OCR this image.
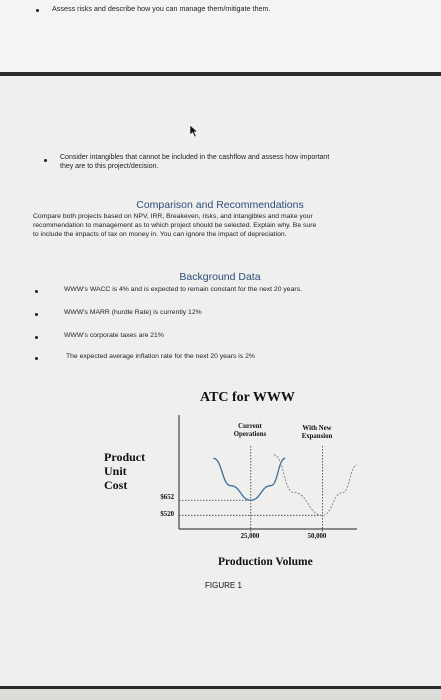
Assess risks and describe how you can manage them/mitigate them.
Consider intangibles that cannot be included in the cashflow and assess how important
they are to this project/decision.
Comparison and Recommendations
Compare both projects based on NPV, IRR, Breakeven, risks, and intangibles and make your
recommendation to management as to which project should be selected. Explain why. Be sure
to include the impacts of tax on money in. You can ignore the impact of depreciation.
Background Data
WWW's WACC is 4% and is expected to remain constant for the next 20 years.
WWW's MARR (hurdle Rate) is currently 12%
WWW's corporate taxes are 21%
The expected average inflation rate for the next 20 years is 2%
ATC for WWW
Product
Unit
Cost
Current
Operations
With New
Expansion
$652
$520
25,000	50,000
Production Volume
FIGURE 1
